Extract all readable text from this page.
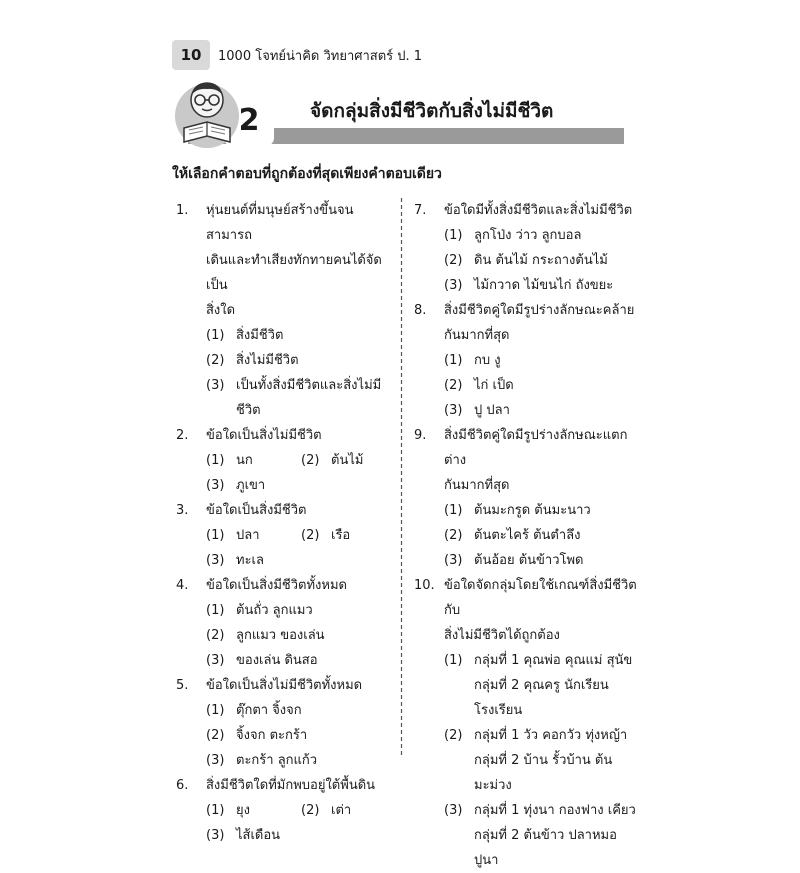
10	1000 โจทย์น่าคิด วิทยาศาสตร์ ป. 1
2	จัดกลุ่มสิ่งมีชีวิตกับสิ่งไม่มีชีวิต
ให้เลือกคำตอบที่ถูกต้องที่สุดเพียงคำตอบเดียว
1.	หุ่นยนต์ที่มนุษย์สร้างขึ้นจนสามารถ
เดินและทำเสียงทักทายคนได้จัดเป็น
สิ่งใด
(1) สิ่งมีชีวิต
(2) สิ่งไม่มีชีวิต
(3) เป็นทั้งสิ่งมีชีวิตและสิ่งไม่มีชีวิต
2.	ข้อใดเป็นสิ่งไม่มีชีวิต
(1) นก	(2) ต้นไม้
(3) ภูเขา
3.	ข้อใดเป็นสิ่งมีชีวิต
(1) ปลา	(2) เรือ
(3) ทะเล
4.	ข้อใดเป็นสิ่งมีชีวิตทั้งหมด
(1) ต้นถั่ว ลูกแมว
(2) ลูกแมว ของเล่น
(3) ของเล่น ดินสอ
5.	ข้อใดเป็นสิ่งไม่มีชีวิตทั้งหมด
(1) ตุ๊กตา จิ้งจก
(2) จิ้งจก ตะกร้า
(3) ตะกร้า ลูกแก้ว
6.	สิ่งมีชีวิตใดที่มักพบอยู่ใต้พื้นดิน
(1) ยุง	(2) เต่า
(3) ไส้เดือน
7.	ข้อใดมีทั้งสิ่งมีชีวิตและสิ่งไม่มีชีวิต
(1) ลูกโป่ง ว่าว ลูกบอล
(2) ดิน ต้นไม้ กระถางต้นไม้
(3) ไม้กวาด ไม้ขนไก่ ถังขยะ
8.	สิ่งมีชีวิตคู่ใดมีรูปร่างลักษณะคล้าย
กันมากที่สุด
(1) กบ งู
(2) ไก่ เป็ด
(3) ปู ปลา
9.	สิ่งมีชีวิตคู่ใดมีรูปร่างลักษณะแตกต่าง
กันมากที่สุด
(1) ต้นมะกรูด ต้นมะนาว
(2) ต้นตะไคร้ ต้นตำลึง
(3) ต้นอ้อย ต้นข้าวโพด
10. ข้อใดจัดกลุ่มโดยใช้เกณฑ์สิ่งมีชีวิตกับ
สิ่งไม่มีชีวิตได้ถูกต้อง
(1) กลุ่มที่ 1 คุณพ่อ คุณแม่ สุนัข
กลุ่มที่ 2 คุณครู นักเรียน
โรงเรียน
(2) กลุ่มที่ 1 วัว คอกวัว ทุ่งหญ้า
กลุ่มที่ 2 บ้าน รั้วบ้าน ต้นมะม่วง
(3) กลุ่มที่ 1 ทุ่งนา กองฟาง เคียว
กลุ่มที่ 2 ต้นข้าว ปลาหมอ ปูนา
